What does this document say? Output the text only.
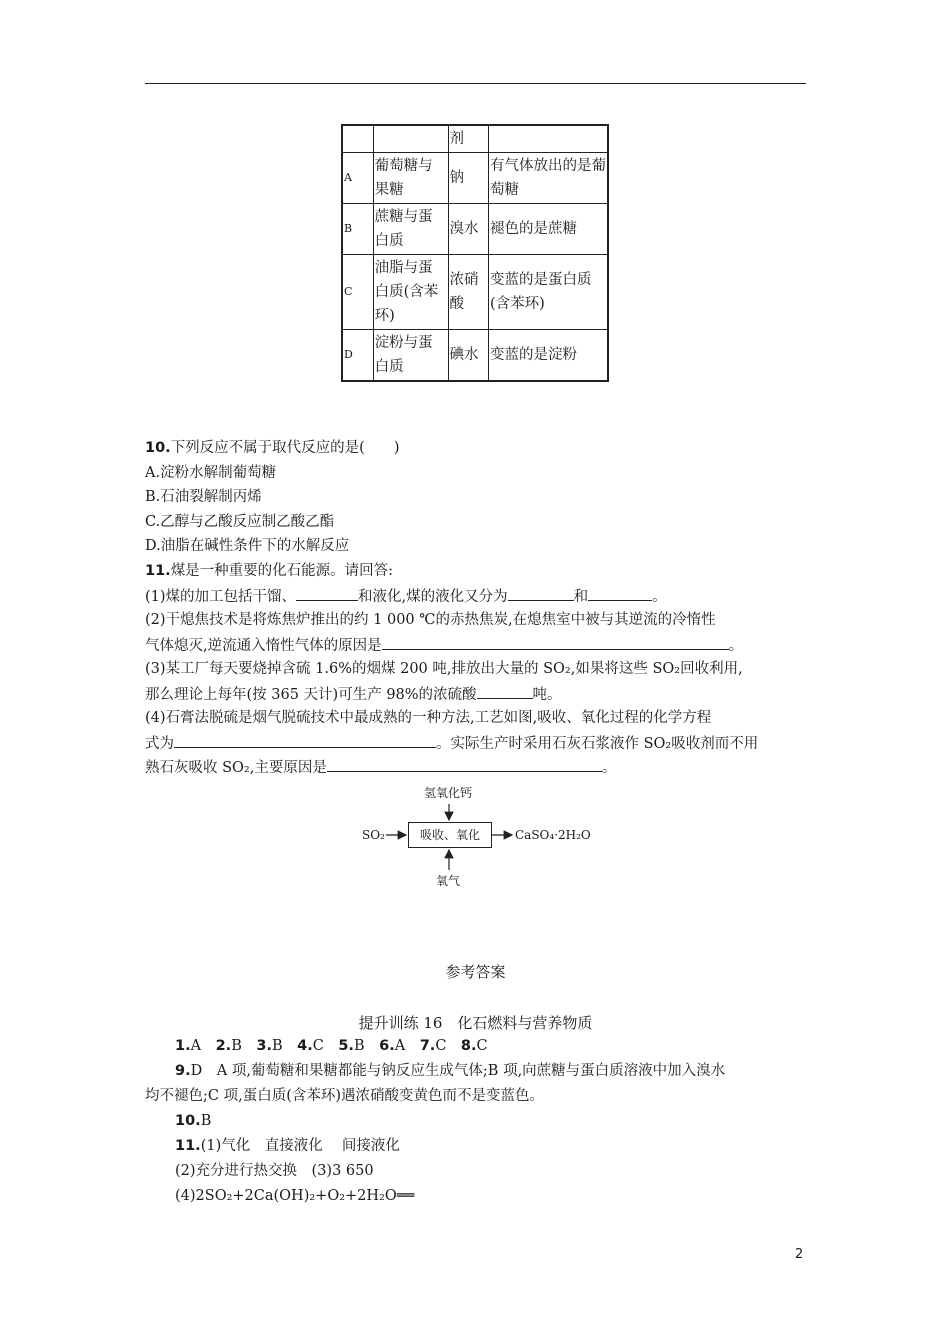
		剂	
A	葡萄糖与果糖	钠	有气体放出的是葡萄糖
B	蔗糖与蛋白质	溴水	褪色的是蔗糖
C	油脂与蛋白质(含苯环)	浓硝酸	变蓝的是蛋白质(含苯环)
D	淀粉与蛋白质	碘水	变蓝的是淀粉
10.下列反应不属于取代反应的是(　　)
A.淀粉水解制葡萄糖
B.石油裂解制丙烯
C.乙醇与乙酸反应制乙酸乙酯
D.油脂在碱性条件下的水解反应
11.煤是一种重要的化石能源。请回答:
(1)煤的加工包括干馏、	和液化,煤的液化又分为	和	。
(2)干熄焦技术是将炼焦炉推出的约 1 000 ℃的赤热焦炭,在熄焦室中被与其逆流的冷惰性
气体熄灭,逆流通入惰性气体的原因是	。
(3)某工厂每天要烧掉含硫 1.6%的烟煤 200 吨,排放出大量的 SO₂,如果将这些 SO₂回收利用,
那么理论上每年(按 365 天计)可生产 98%的浓硫酸	吨。
(4)石膏法脱硫是烟气脱硫技术中最成熟的一种方法,工艺如图,吸收、氧化过程的化学方程
式为	。实际生产时采用石灰石浆液作 SO₂吸收剂而不用
熟石灰吸收 SO₂,主要原因是	。
氢氧化钙
SO₂	吸收、氧化	CaSO₄·2H₂O
氧气
参考答案
提升训练 16　化石燃料与营养物质
1.A　 2.B　 3.B　 4.C　 5.B　 6.A　 7.C　 8.C
9.D　A 项,葡萄糖和果糖都能与钠反应生成气体;B 项,向蔗糖与蛋白质溶液中加入溴水
均不褪色;C 项,蛋白质(含苯环)遇浓硝酸变黄色而不是变蓝色。
10.B
11.(1)气化　直接液化　 间接液化
(2)充分进行热交换　(3)3 650
(4)2SO₂+2Ca(OH)₂+O₂+2H₂O══
2
